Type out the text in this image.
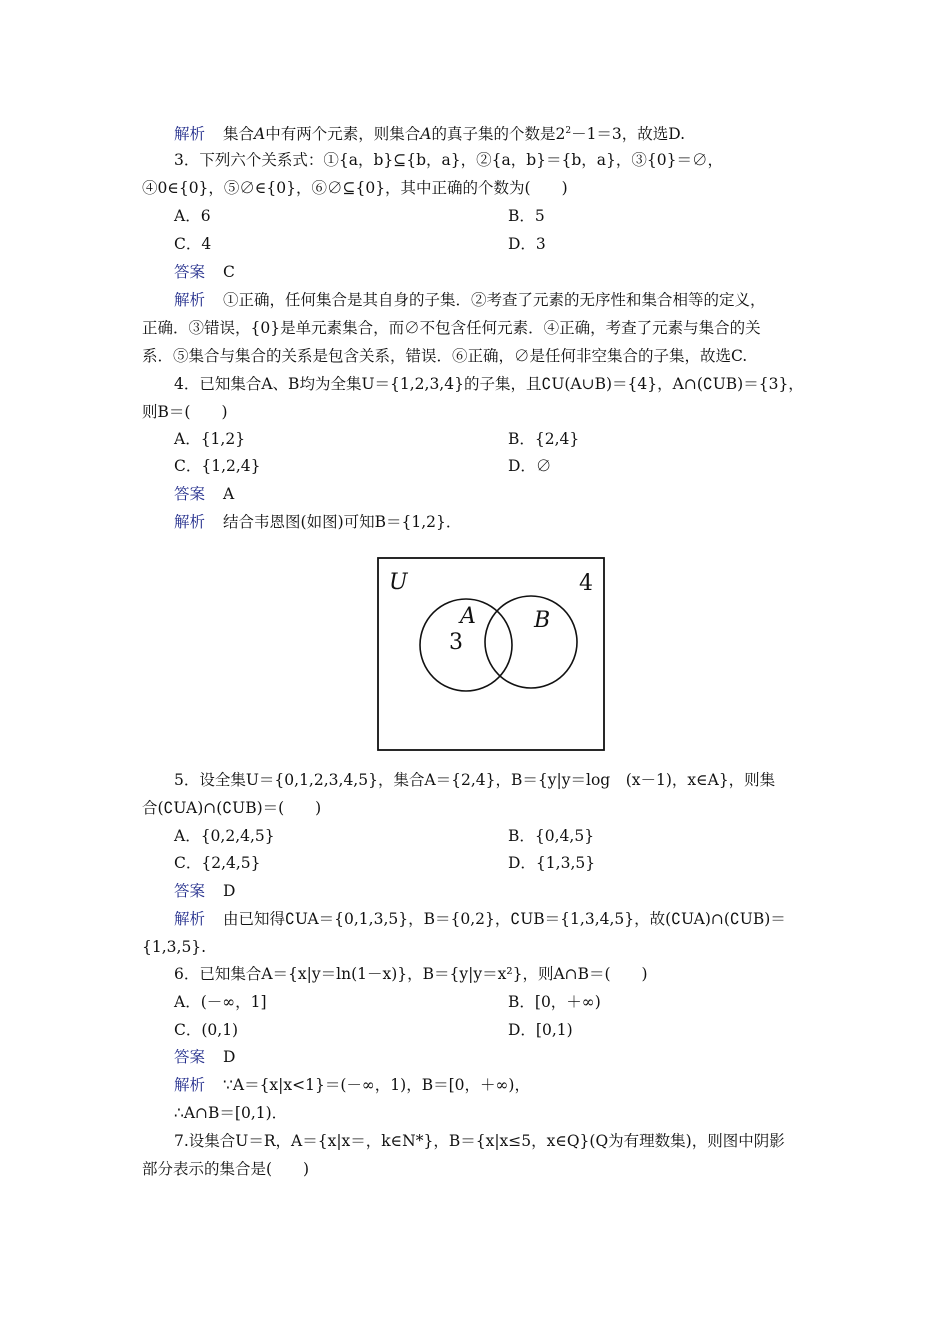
解析 集合A中有两个元素，则集合A的真子集的个数是$2^2-1=3$，故选D.
3．下列六个关系式：①{a，b}⊆{b，a}，②{a，b}＝{b，a}，③{0}＝∅，
④0∈{0}，⑤∅∈{0}，⑥∅⊆{0}，其中正确的个数为(　　)
A．6	B．5
C．4	D．3
答案 C
解析 ①正确，任何集合是其自身的子集．②考查了元素的无序性和集合相等的定义，
正确．③错误，{0}是单元素集合，而∅不包含任何元素．④正确，考查了元素与集合的关
系．⑤集合与集合的关系是包含关系，错误．⑥正确，∅是任何非空集合的子集，故选C.
4．已知集合A、B均为全集U＝{1,2,3,4}的子集，且∁U(A∪B)＝{4}，A∩(∁UB)＝{3}，
则B＝(　　)
A．{1,2}	B．{2,4}
C．{1,2,4}	D．∅
答案 A
解析 结合韦恩图(如图)可知B＝{1,2}．
U	4
A
3
B
5．设全集U＝{0,1,2,3,4,5}，集合A＝{2,4}，B＝{y|y＝log　(x－1)，x∈A}，则集
合(∁UA)∩(∁UB)＝(　　)
A．{0,2,4,5}	B．{0,4,5}
C．{2,4,5}	D．{1,3,5}
答案 D
解析 由已知得∁UA＝{0,1,3,5}，B＝{0,2}，∁UB＝{1,3,4,5}，故(∁UA)∩(∁UB)＝
{1,3,5}.
6．已知集合A＝{x|y＝ln(1－x)}，B＝{y|y＝x²}，则A∩B＝(　　)
A．(－∞，1]	B．[0，＋∞)
C．(0,1)	D．[0,1)
答案 D
解析 ∵A＝{x|x<1}＝(－∞，1)，B＝[0，＋∞)，
∴A∩B＝[0,1)．
7.设集合U＝R，A＝{x|x＝，k∈N*}，B＝{x|x≤5，x∈Q}(Q为有理数集)，则图中阴影
部分表示的集合是(　　)
